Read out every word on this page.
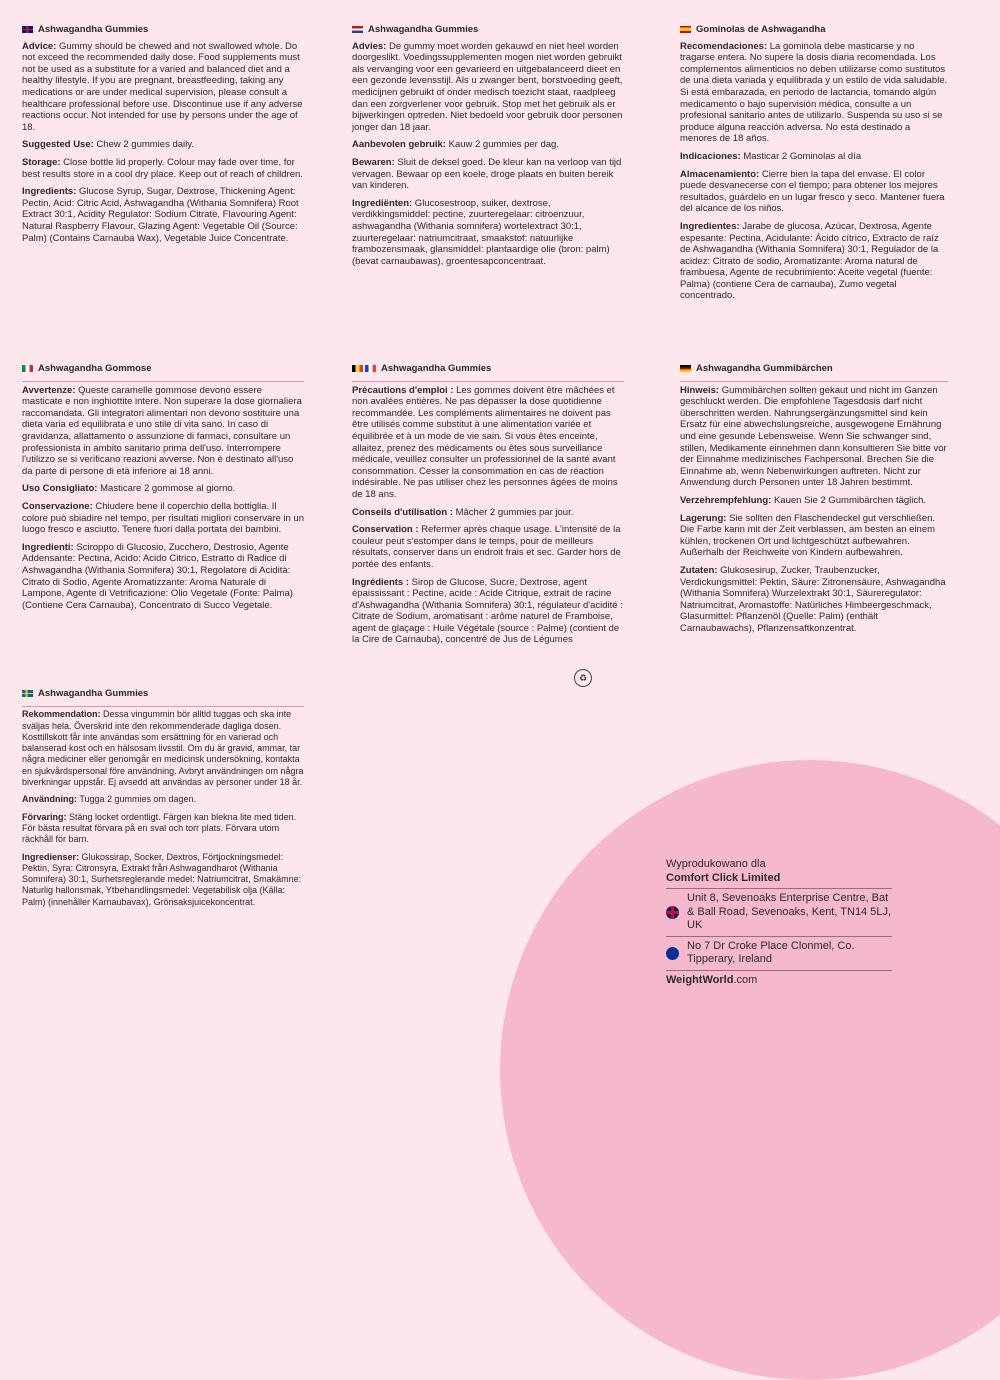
Ashwagandha Gummies

Advice: Gummy should be chewed and not swallowed whole. Do not exceed the recommended daily dose. Food supplements must not be used as a substitute for a varied and balanced diet and a healthy lifestyle. If you are pregnant, breastfeeding, taking any medications or are under medical supervision, please consult a healthcare professional before use. Discontinue use if any adverse reactions occur. Not intended for use by persons under the age of 18.

Suggested Use: Chew 2 gummies daily.

Storage: Close bottle lid properly. Colour may fade over time, for best results store in a cool dry place. Keep out of reach of children.

Ingredients: Glucose Syrup, Sugar, Dextrose, Thickening Agent: Pectin, Acid: Citric Acid, Ashwagandha (Withania Somnifera) Root Extract 30:1, Acidity Regulator: Sodium Citrate, Flavouring Agent: Natural Raspberry Flavour, Glazing Agent: Vegetable Oil (Source: Palm) (Contains Carnauba Wax), Vegetable Juice Concentrate.

Ashwagandha Gummies

Advies: De gummy moet worden gekauwd en niet heel worden doorgeslikt. Voedingssupplementen mogen niet worden gebruikt als vervanging voor een gevarieerd en uitgebalanceerd dieet en een gezonde levensstijl. Als u zwanger bent, borstvoeding geeft, medicijnen gebruikt of onder medisch toezicht staat, raadpleeg dan een zorgverlener voor gebruik. Stop met het gebruik als er bijwerkingen optreden. Niet bedoeld voor gebruik door personen jonger dan 18 jaar.

Aanbevolen gebruik: Kauw 2 gummies per dag.

Bewaren: Sluit de deksel goed. De kleur kan na verloop van tijd vervagen. Bewaar op een koele, droge plaats en buiten bereik van kinderen.

Ingrediënten: Glucosestroop, suiker, dextrose, verdikkingsmiddel: pectine, zuurteregelaar: citroenzuur, ashwagandha (Withania somnifera) wortelextract 30:1, zuurteregelaar: natriumcitraat, smaakstof: natuurlijke frambozensmaak, glansmiddel: plantaardige olie (bron: palm) (bevat carnaubawas), groentesapconcentraat.

Gominolas de Ashwagandha

Recomendaciones: La gominola debe masticarse y no tragarse entera. No supere la dosis diaria recomendada. Los complementos alimenticios no deben utilizarse como sustitutos de una dieta variada y equilibrada y un estilo de vida saludable. Si está embarazada, en periodo de lactancia, tomando algún medicamento o bajo supervisión médica, consulte a un profesional sanitario antes de utilizarlo. Suspenda su uso si se produce alguna reacción adversa. No está destinado a menores de 18 años.

Indicaciones: Masticar 2 Gominolas al día

Almacenamiento: Cierre bien la tapa del envase. El color puede desvanecerse con el tiempo; para obtener los mejores resultados, guárdelo en un lugar fresco y seco. Mantener fuera del alcance de los niños.

Ingredientes: Jarabe de glucosa, Azúcar, Dextrosa, Agente espesante: Pectina, Acidulante: Ácido cítrico, Extracto de raíz de Ashwagandha (Withania Somnifera) 30:1, Regulador de la acidez: Citrato de sodio, Aromatizante: Aroma natural de frambuesa, Agente de recubrimiento: Aceite vegetal (fuente: Palma) (contiene Cera de carnauba), Zumo vegetal concentrado.

Ashwagandha Gommose

Avvertenze: Queste caramelle gommose devono essere masticate e non inghiottite intere. Non superare la dose giornaliera raccomandata. Gli integratori alimentari non devono sostituire una dieta varia ed equilibrata e uno stile di vita sano. In caso di gravidanza, allattamento o assunzione di farmaci, consultare un professionista in ambito sanitario prima dell'uso. Interrompere l'utilizzo se si verificano reazioni avverse. Non è destinato all'uso da parte di persone di età inferiore ai 18 anni.

Uso Consigliato: Masticare 2 gommose al giorno.

Conservazione: Chiudere bene il coperchio della bottiglia. Il colore può sbiadire nel tempo, per risultati migliori conservare in un luogo fresco e asciutto. Tenere fuori dalla portata dei bambini.

Ingredienti: Sciroppo di Glucosio, Zucchero, Destrosio, Agente Addensante: Pectina, Acido: Acido Citrico, Estratto di Radice di Ashwagandha (Withania Somnifera) 30:1, Regolatore di Acidità: Citrato di Sodio, Agente Aromatizzante: Aroma Naturale di Lampone, Agente di Vetrificazione: Olio Vegetale (Fonte: Palma) (Contiene Cera Carnauba), Concentrato di Succo Vegetale.

Ashwagandha Gummies

Précautions d'emploi : Les gommes doivent être mâchées et non avalées entières. Ne pas dépasser la dose quotidienne recommandée. Les compléments alimentaires ne doivent pas être utilisés comme substitut à une alimentation variée et équilibrée et à un mode de vie sain. Si vous êtes enceinte, allaitez, prenez des médicaments ou êtes sous surveillance médicale, veuillez consulter un professionnel de la santé avant consommation. Cesser la consommation en cas de réaction indésirable. Ne pas utiliser chez les personnes âgées de moins de 18 ans.

Conseils d'utilisation : Mâcher 2 gummies par jour.

Conservation : Refermer après chaque usage. L'intensité de la couleur peut s'estomper dans le temps, pour de meilleurs résultats, conserver dans un endroit frais et sec. Garder hors de portée des enfants.

Ingrédients : Sirop de Glucose, Sucre, Dextrose, agent épaississant : Pectine, acide : Acide Citrique, extrait de racine d'Ashwagandha (Withania Somnifera) 30:1, régulateur d'acidité : Citrate de Sodium, aromatisant : arôme naturel de Framboise, agent de glaçage : Huile Végétale (source : Palme) (contient de la Cire de Carnauba), concentré de Jus de Légumes

♻
Ashwagandha Gummibärchen

Hinweis: Gummibärchen sollten gekaut und nicht im Ganzen geschluckt werden. Die empfohlene Tagesdosis darf nicht überschritten werden. Nahrungsergänzungsmittel sind kein Ersatz für eine abwechslungsreiche, ausgewogene Ernährung und eine gesunde Lebensweise. Wenn Sie schwanger sind, stillen, Medikamente einnehmen dann konsultieren Sie bitte vor der Einnahme medizinisches Fachpersonal. Brechen Sie die Einnahme ab, wenn Nebenwirkungen auftreten. Nicht zur Anwendung durch Personen unter 18 Jahren bestimmt.

Verzehrempfehlung: Kauen Sie 2 Gummibärchen täglich.

Lagerung: Sie sollten den Flaschendeckel gut verschließen. Die Farbe kann mit der Zeit verblassen, am besten an einem kühlen, trockenen Ort und lichtgeschützt aufbewahren. Außerhalb der Reichweite von Kindern aufbewahren.

Zutaten: Glukosesirup, Zucker, Traubenzucker, Verdickungsmittel: Pektin, Säure: Zitronensäure, Ashwagandha (Withania Somnifera) Wurzelextrakt 30:1, Säureregulator: Natriumcitrat, Aromastoffe: Natürliches Himbeergeschmack, Glasurmittel: Pflanzenöl (Quelle: Palm) (enthält Carnaubawachs), Pflanzensaftkonzentrat.

Ashwagandha Gummies

Rekommendation: Dessa vingummin bör alltid tuggas och ska inte sväljas hela. Överskrid inte den rekommenderade dagliga dosen. Kosttillskott får inte användas som ersättning för en varierad och balanserad kost och en hälsosam livsstil. Om du är gravid, ammar, tar några mediciner eller genomgår en medicinsk undersökning, kontakta en sjukvårdspersonal före användning. Avbryt användningen om några biverkningar uppstår. Ej avsedd att användas av personer under 18 år.

Användning: Tugga 2 gummies om dagen.

Förvaring: Stäng locket ordentligt. Färgen kan blekna lite med tiden. För bästa resultat förvara på en sval och torr plats. Förvara utom räckhåll för barn.

Ingredienser: Glukossirap, Socker, Dextros, Förtjockningsmedel: Pektin, Syra: Citronsyra, Extrakt från Ashwagandharot (Withania Somnifera) 30:1, Surhetsreglerande medel: Natriumcitrat, Smakämne: Naturlig hallonsmak, Ytbehandlingsmedel: Vegetabilisk olja (Källa: Palm) (innehåller Karnaubavax), Grönsaksjuicekoncentrat.

Wyprodukowano dla
Comfort Click Limited
Unit 8, Sevenoaks Enterprise Centre, Bat & Ball Road, Sevenoaks, Kent, TN14 5LJ, UK
No 7 Dr Croke Place Clonmel, Co. Tipperary, Ireland
WeightWorld.com
